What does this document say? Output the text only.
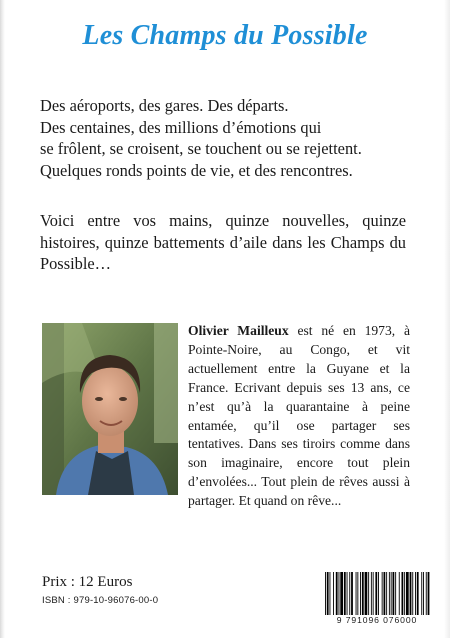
Les Champs du Possible

Des aéroports, des gares. Des départs.

Des centaines, des millions d’émotions qui

se frôlent, se croisent, se touchent ou se rejettent.

Quelques ronds points de vie, et des rencontres.

Voici entre vos mains, quinze nouvelles, quinze histoires, quinze battements d’aile dans les Champs du Possible…
Olivier Mailleux est né en 1973, à Pointe-Noire, au Congo, et vit actuellement entre la Guyane et la France. Ecrivant depuis ses 13 ans, ce n’est qu’à la quarantaine à peine entamée, qu’il ose partager ses tentatives. Dans ses tiroirs comme dans son imaginaire, encore tout plein d’envolées... Tout plein de rêves aussi à partager. Et quand on rêve...
Prix : 12 Euros
ISBN : 979-10-96076-00-0
9 791096 076000
